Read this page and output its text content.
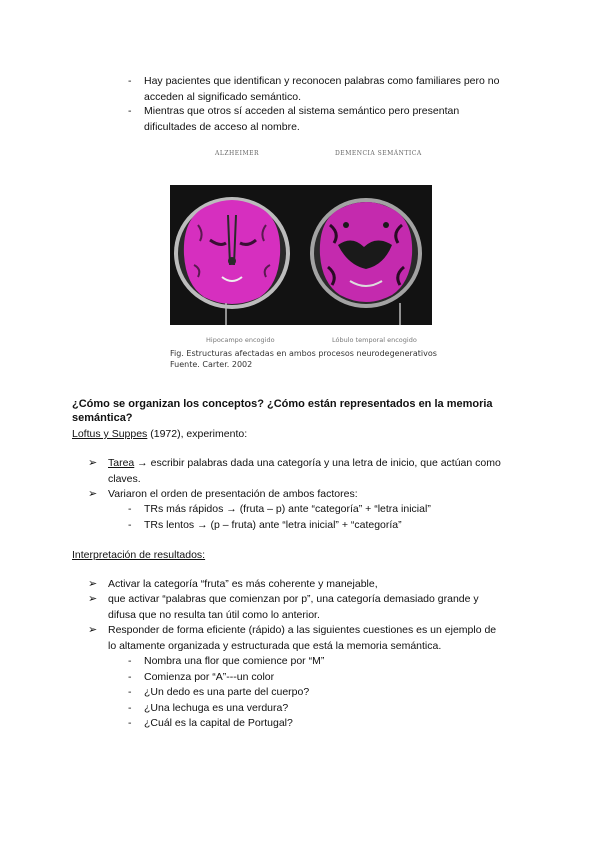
- Hay pacientes que identifican y reconocen palabras como familiares pero no
acceden al significado semántico.
- Mientras que otros sí acceden al sistema semántico pero presentan
dificultades de acceso al nombre.
ALZHEIMER	DEMENCIA SEMÁNTICA
Hipocampo encogido	Lóbulo temporal encogido
Fig. Estructuras afectadas en ambos procesos neurodegenerativos
Fuente. Carter. 2002
¿Cómo se organizan los conceptos? ¿Cómo están representados en la memoria
semántica?
Loftus y Suppes (1972), experimento:
➢ Tarea → escribir palabras dada una categoría y una letra de inicio, que actúan como
claves.
➢ Variaron el orden de presentación de ambos factores:
- TRs más rápidos → (fruta – p) ante “categoría” + “letra inicial”
- TRs lentos → (p – fruta) ante “letra inicial” + “categoría”
Interpretación de resultados:
➢ Activar la categoría “fruta” es más coherente y manejable,
➢ que activar “palabras que comienzan por p”, una categoría demasiado grande y
difusa que no resulta tan útil como lo anterior.
➢ Responder de forma eficiente (rápido) a las siguientes cuestiones es un ejemplo de
lo altamente organizada y estructurada que está la memoria semántica.
- Nombra una flor que comience por “M”
- Comienza por “A”---un color
- ¿Un dedo es una parte del cuerpo?
- ¿Una lechuga es una verdura?
- ¿Cuál es la capital de Portugal?
